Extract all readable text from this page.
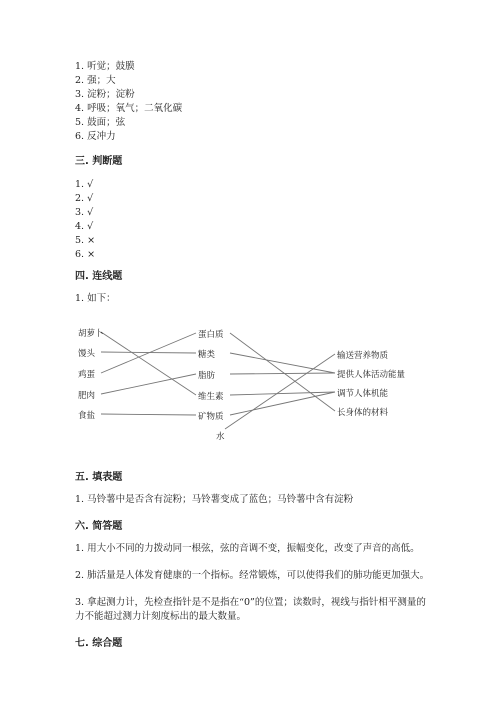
1. 听觉；鼓膜
2. 强；大
3. 淀粉；淀粉
4. 呼吸；氧气；二氧化碳
5. 鼓面；弦
6. 反冲力
三. 判断题
1. √
2. √
3. √
4. √
5. ×
6. ×
四. 连线题
1. 如下：
胡萝卜
馒头
鸡蛋
肥肉
食盐
蛋白质
糖类
脂肪
维生素
矿物质
水
输送营养物质
提供人体活动能量
调节人体机能
长身体的材料
五. 填表题
1. 马铃薯中是否含有淀粉；马铃薯变成了蓝色；马铃薯中含有淀粉
六. 简答题
1. 用大小不同的力拨动同一根弦，弦的音调不变，振幅变化，改变了声音的高低。
2. 肺活量是人体发育健康的一个指标。经常锻炼，可以使得我们的肺功能更加强大。
3. 拿起测力计，先检查指针是不是指在“0”的位置；读数时，视线与指针相平测量的力不能超过测力计刻度标出的最大数量。
七. 综合题
